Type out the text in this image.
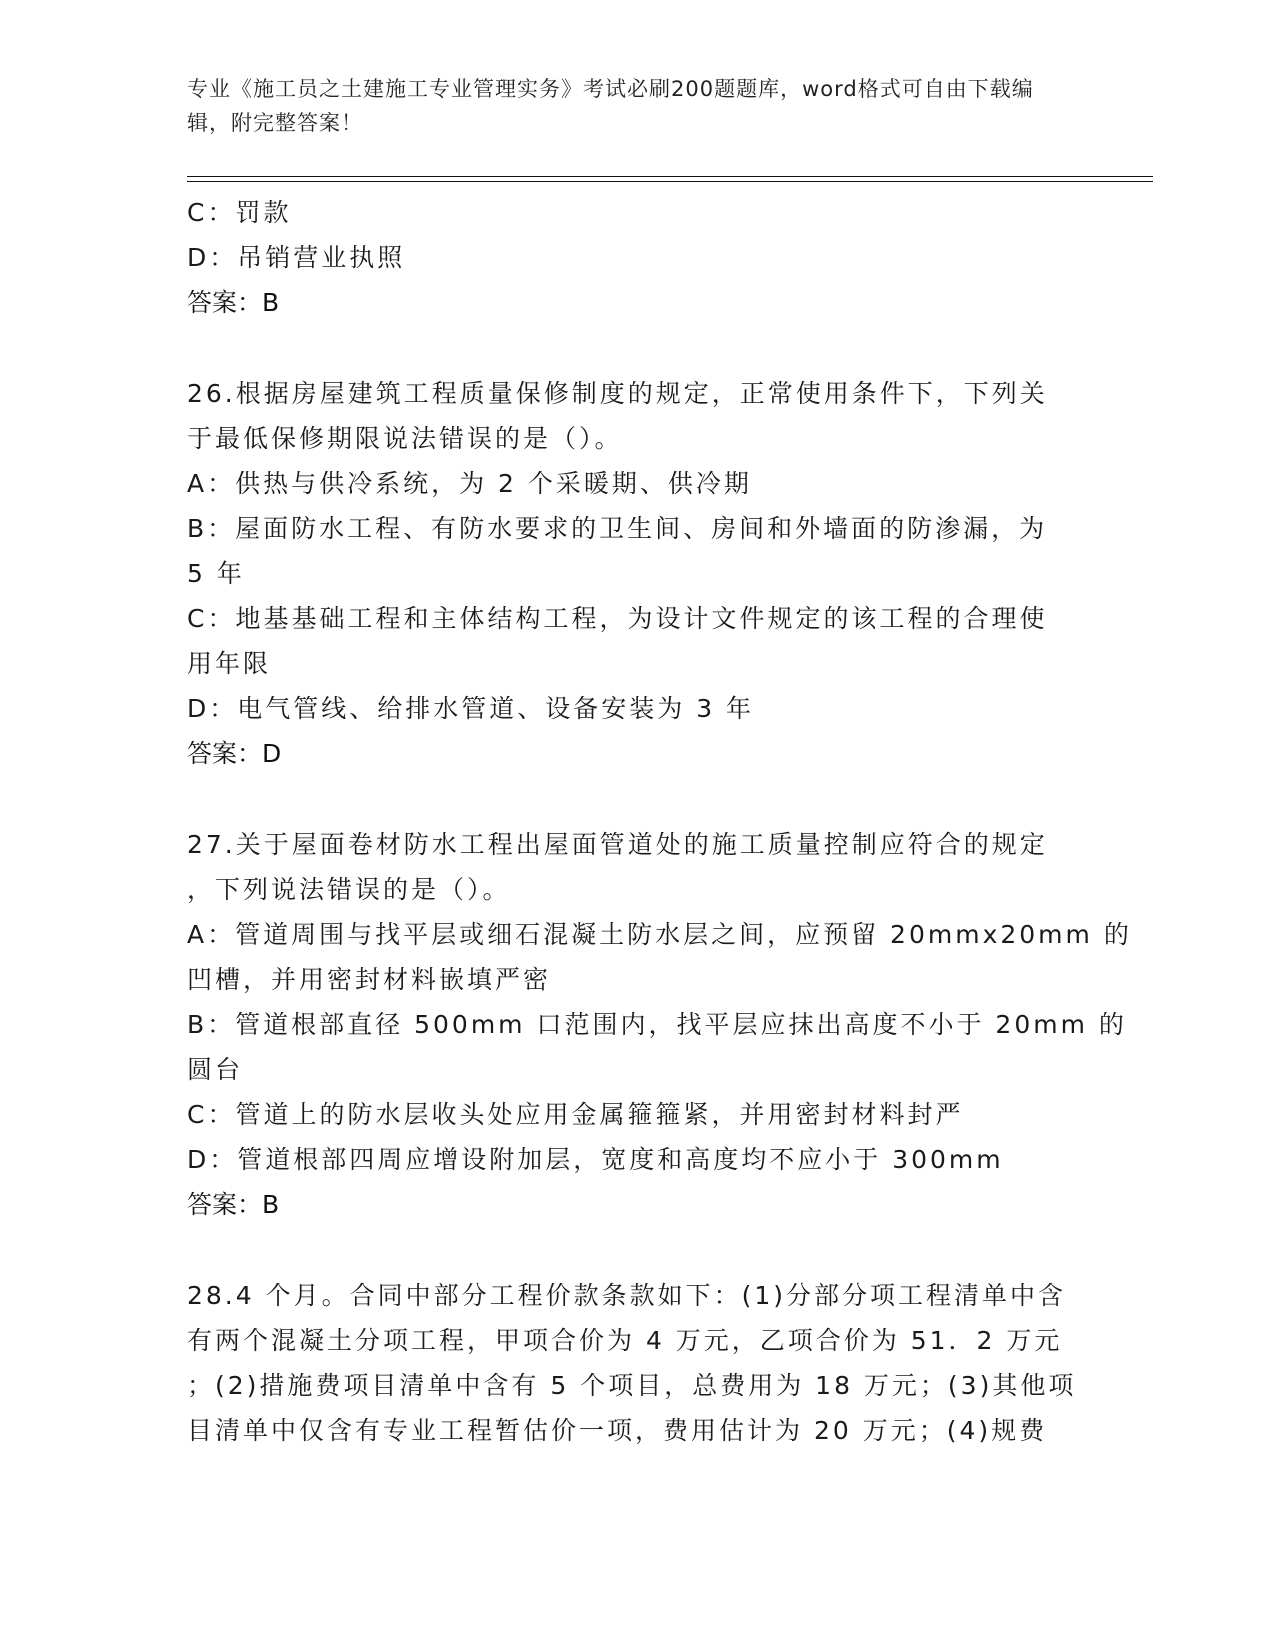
专业《施工员之土建施工专业管理实务》考试必刷200题题库，word格式可自由下载编辑，附完整答案！

C：罚款

D：吊销营业执照

答案：B

26.根据房屋建筑工程质量保修制度的规定，正常使用条件下，下列关

于最低保修期限说法错误的是（）。

A：供热与供冷系统，为 2 个采暖期、供冷期

B：屋面防水工程、有防水要求的卫生间、房间和外墙面的防渗漏，为

5 年

C：地基基础工程和主体结构工程，为设计文件规定的该工程的合理使

用年限

D：电气管线、给排水管道、设备安装为 3 年

答案：D

27.关于屋面卷材防水工程出屋面管道处的施工质量控制应符合的规定

，下列说法错误的是（）。

A：管道周围与找平层或细石混凝土防水层之间，应预留 20mmx20mm 的

凹槽，并用密封材料嵌填严密

B：管道根部直径 500mm 口范围内，找平层应抹出高度不小于 20mm 的

圆台

C：管道上的防水层收头处应用金属箍箍紧，并用密封材料封严

D：管道根部四周应增设附加层，宽度和高度均不应小于 300mm

答案：B

28.4 个月。合同中部分工程价款条款如下：(1)分部分项工程清单中含

有两个混凝土分项工程，甲项合价为 4 万元，乙项合价为 51．2 万元

；(2)措施费项目清单中含有 5 个项目，总费用为 18 万元；(3)其他项

目清单中仅含有专业工程暂估价一项，费用估计为 20 万元；(4)规费
